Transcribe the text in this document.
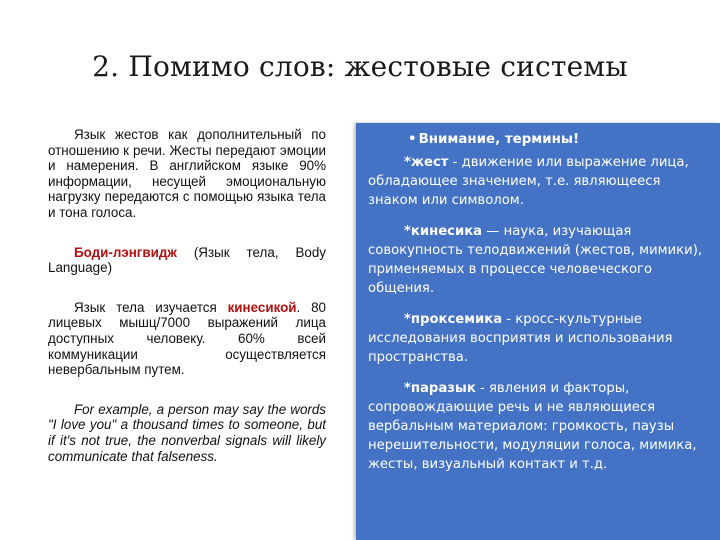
2. Помимо слов: жестовые системы

Язык жестов как дополнительный по отношению к речи. Жесты передают эмоции и намерения. В английском языке 90% информации, несущей эмоциональную нагрузку передаются с помощью языка тела и тона голоса.

Боди-лэнгвидж (Язык тела, Body Language)

Язык тела изучается кинесикой. 80 лицевых мышц/7000 выражений лица доступных человеку. 60% всей коммуникации осуществляется невербальным путем.

For example, a person may say the words "I love you" a thousand times to someone, but if it's not true, the nonverbal signals will likely communicate that falseness.

• Внимание, термины!

*жест - движение или выражение лица,
обладающее значением, т.е. являющееся знаком или символом.

*кинесика — наука, изучающая
совокупность телодвижений (жестов, мимики), применяемых в процессе человеческого общения.

*проксемика - кросс-культурные
исследования восприятия и использования пространства.

*паразык - явления и факторы,
сопровождающие речь и не являющиеся вербальным материалом: громкость, паузы нерешительности, модуляции голоса, мимика, жесты, визуальный контакт и т.д.
